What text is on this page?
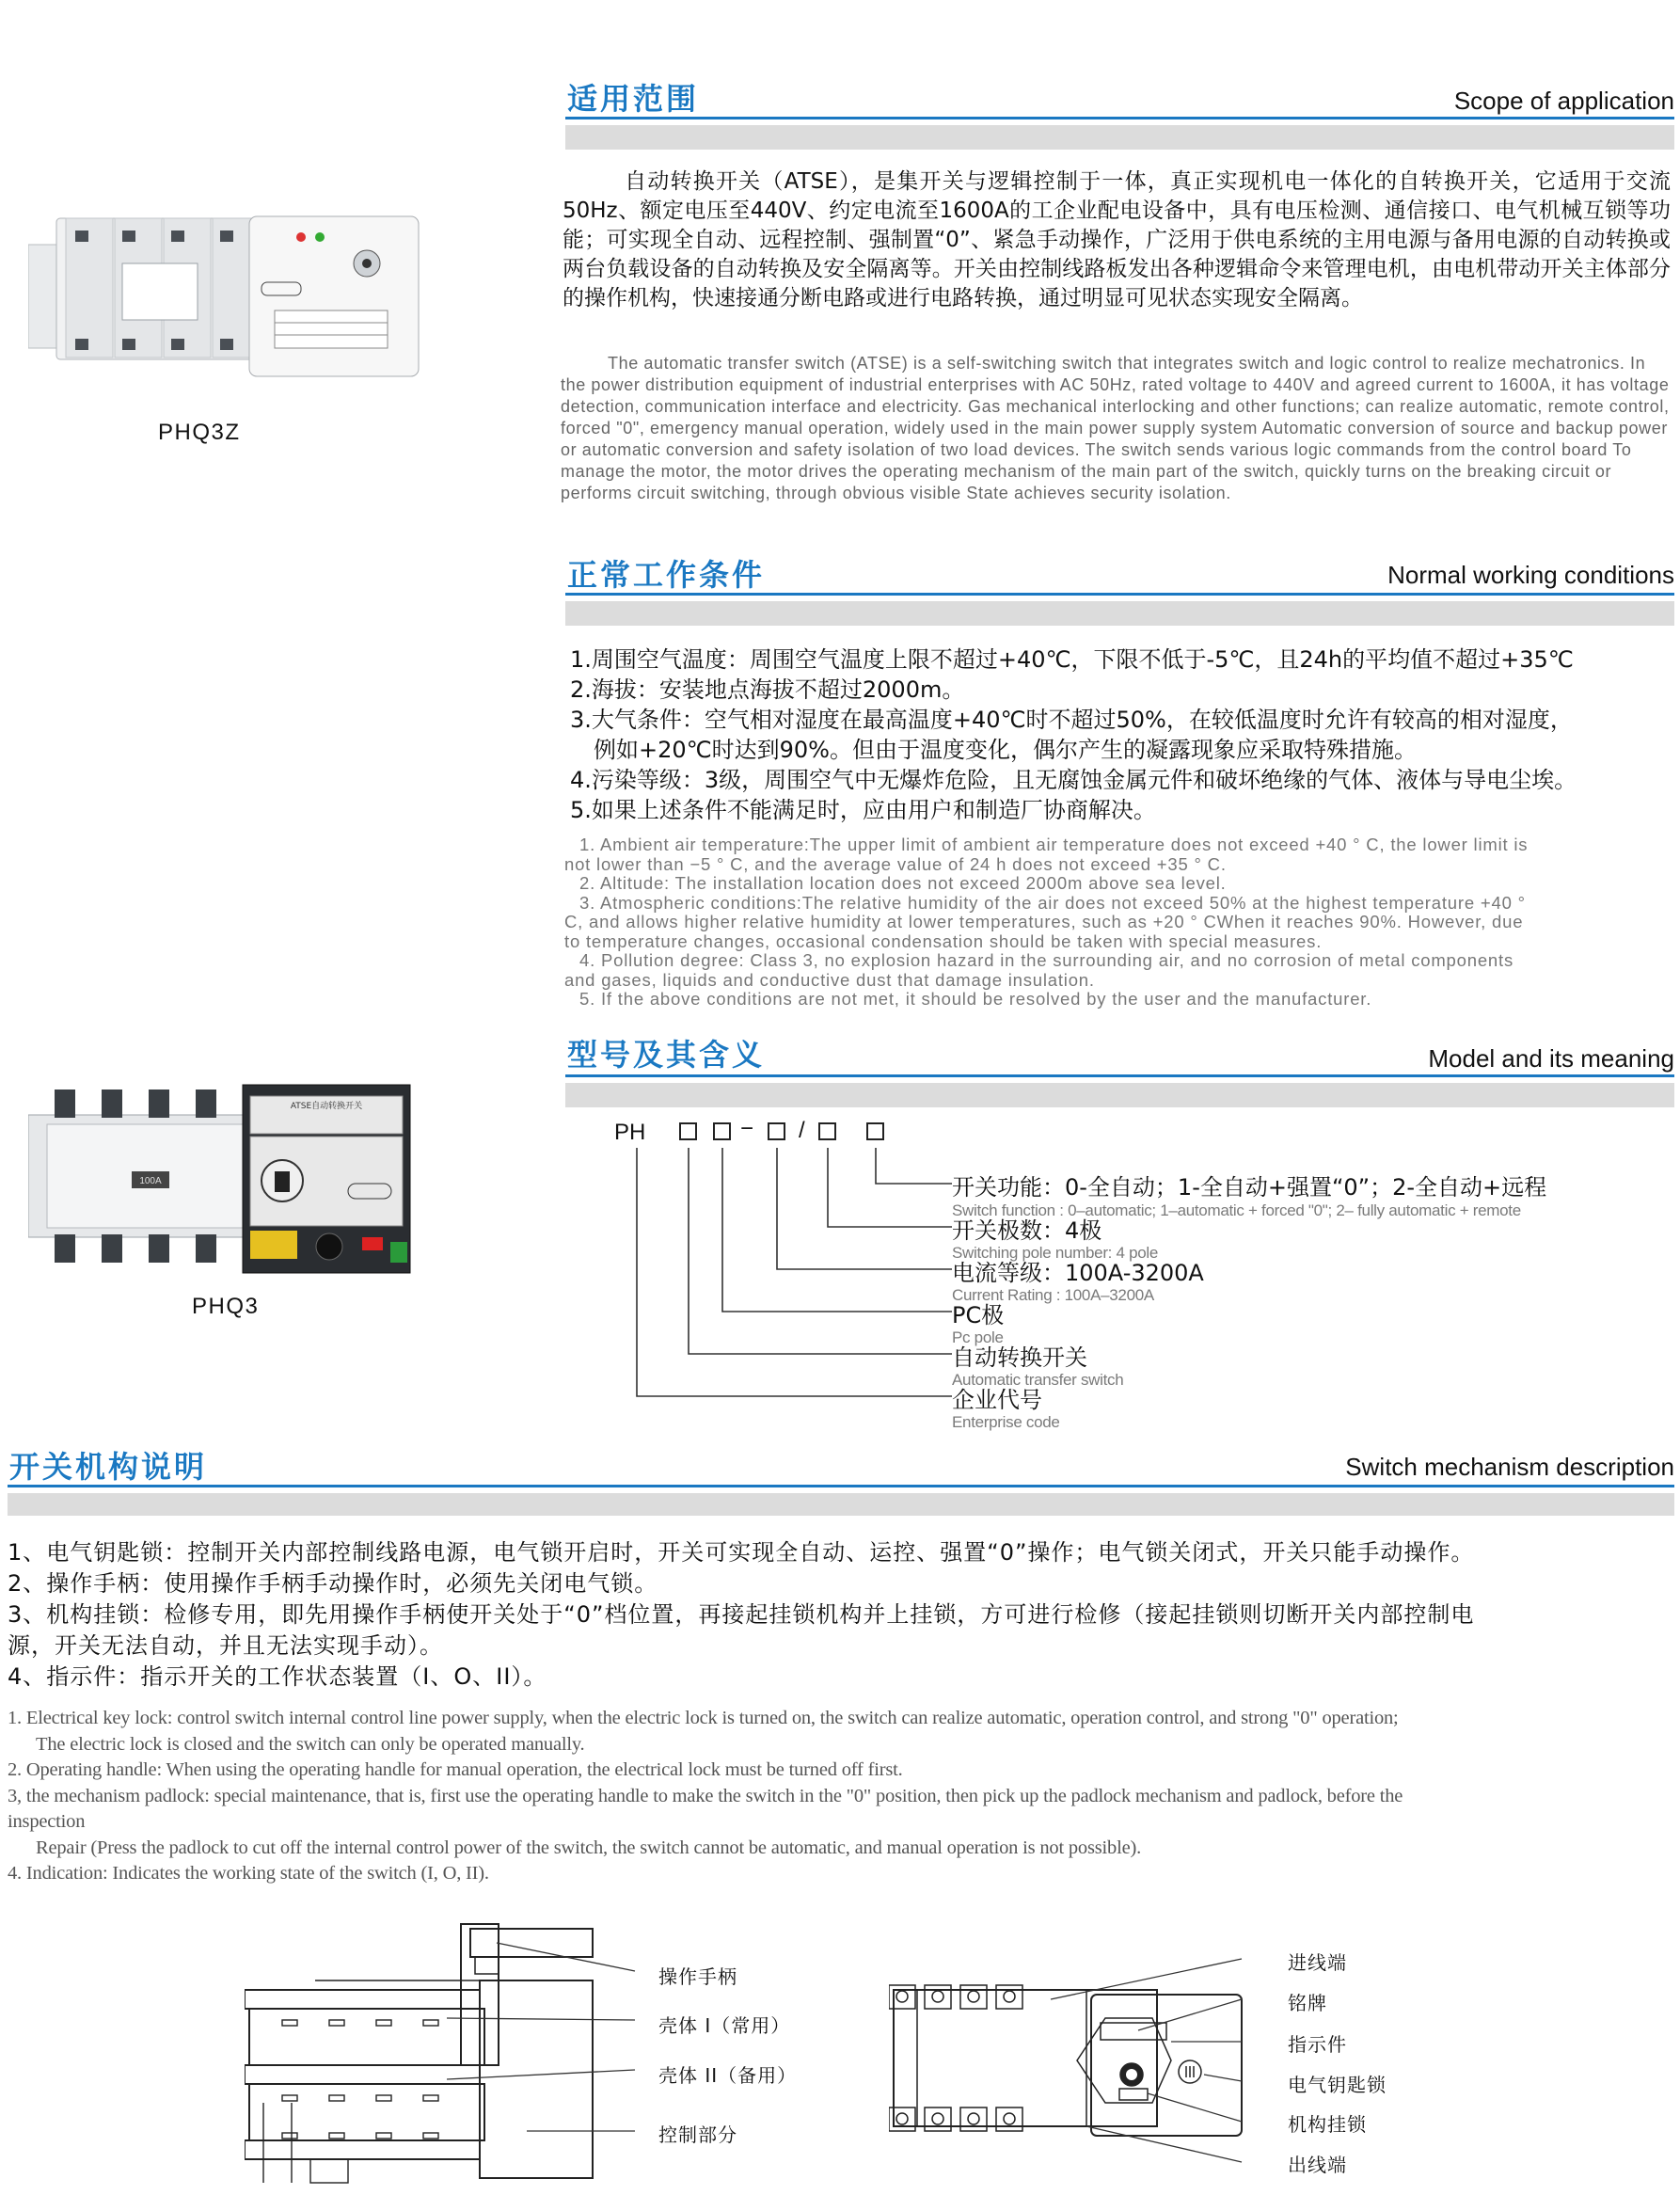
适用范围	Scope of application
自动转换开关（ATSE），是集开关与逻辑控制于一体，真正实现机电一体化的自转换开关，它适用于交流50Hz、额定电压至440V、约定电流至1600A的工企业配电设备中，具有电压检测、通信接口、电气机械互锁等功能；可实现全自动、远程控制、强制置“0”、紧急手动操作，广泛用于供电系统的主用电源与备用电源的自动转换或两台负载设备的自动转换及安全隔离等。开关由控制线路板发出各种逻辑命令来管理电机，由电机带动开关主体部分的操作机构，快速接通分断电路或进行电路转换，通过明显可见状态实现安全隔离。
The automatic transfer switch (ATSE) is a self-switching switch that integrates switch and logic control to realize mechatronics. In the power distribution equipment of industrial enterprises with AC 50Hz, rated voltage to 440V and agreed current to 1600A, it has voltage detection, communication interface and electricity. Gas mechanical interlocking and other functions; can realize automatic, remote control, forced "0", emergency manual operation, widely used in the main power supply system Automatic conversion of source and backup power or automatic conversion and safety isolation of two load devices. The switch sends various logic commands from the control board To manage the motor, the motor drives the operating mechanism of the main part of the switch, quickly turns on the breaking circuit or performs circuit switching, through obvious visible State achieves security isolation.
PHQ3Z
正常工作条件	Normal working conditions
1.周围空气温度：周围空气温度上限不超过+40℃，下限不低于-5℃，且24h的平均值不超过+35℃
2.海拔：安装地点海拔不超过2000m。
3.大气条件：空气相对湿度在最高温度+40℃时不超过50%，在较低温度时允许有较高的相对湿度，
例如+20℃时达到90%。但由于温度变化，偶尔产生的凝露现象应采取特殊措施。
4.污染等级：3级，周围空气中无爆炸危险，且无腐蚀金属元件和破坏绝缘的气体、液体与导电尘埃。
5.如果上述条件不能满足时，应由用户和制造厂协商解决。
1. Ambient air temperature:The upper limit of ambient air temperature does not exceed +40 ° C, the lower limit is
not lower than −5 ° C, and the average value of 24 h does not exceed +35 ° C.
2. Altitude: The installation location does not exceed 2000m above sea level.
3. Atmospheric conditions:The relative humidity of the air does not exceed 50% at the highest temperature +40 °
C, and allows higher relative humidity at lower temperatures, such as +20 ° CWhen it reaches 90%. However, due
to temperature changes, occasional condensation should be taken with special measures.
4. Pollution degree: Class 3, no explosion hazard in the surrounding air, and no corrosion of metal components
and gases, liquids and conductive dust that damage insulation.
5. If the above conditions are not met, it should be resolved by the user and the manufacturer.
型号及其含义	Model and its meaning
100A
ATSE自动转换开关
PHQ3
PH	− /
开关功能：0-全自动；1-全自动+强置“0”；2-全自动+远程
Switch function : 0–automatic; 1–automatic + forced "0"; 2– fully automatic + remote
开关极数：4极
Switching pole number: 4 pole
电流等级：100A-3200A
Current Rating : 100A–3200A
PC极
Pc pole
自动转换开关
Automatic transfer switch
企业代号
Enterprise code
开关机构说明	Switch mechanism description
1、电气钥匙锁：控制开关内部控制线路电源，电气锁开启时，开关可实现全自动、运控、强置“0”操作；电气锁关闭式，开关只能手动操作。
2、操作手柄：使用操作手柄手动操作时，必须先关闭电气锁。
3、机构挂锁：检修专用，即先用操作手柄使开关处于“0”档位置，再接起挂锁机构并上挂锁，方可进行检修（接起挂锁则切断开关内部控制电
源，开关无法自动，并且无法实现手动）。
4、指示件：指示开关的工作状态装置（I、O、II）。
1. Electrical key lock: control switch internal control line power supply, when the electric lock is turned on, the switch can realize automatic, operation control, and strong "0" operation;
The electric lock is closed and the switch can only be operated manually.
2. Operating handle: When using the operating handle for manual operation, the electrical lock must be turned off first.
3, the mechanism padlock: special maintenance, that is, first use the operating handle to make the switch in the "0" position, then pick up the padlock mechanism and padlock, before the
inspection
Repair (Press the padlock to cut off the internal control power of the switch, the switch cannot be automatic, and manual operation is not possible).
4. Indication: Indicates the working state of the switch (I, O, II).
操作手柄
壳体 I（常用）
壳体 II（备用）
控制部分
进线端
铭牌
指示件
电气钥匙锁
机构挂锁
出线端
